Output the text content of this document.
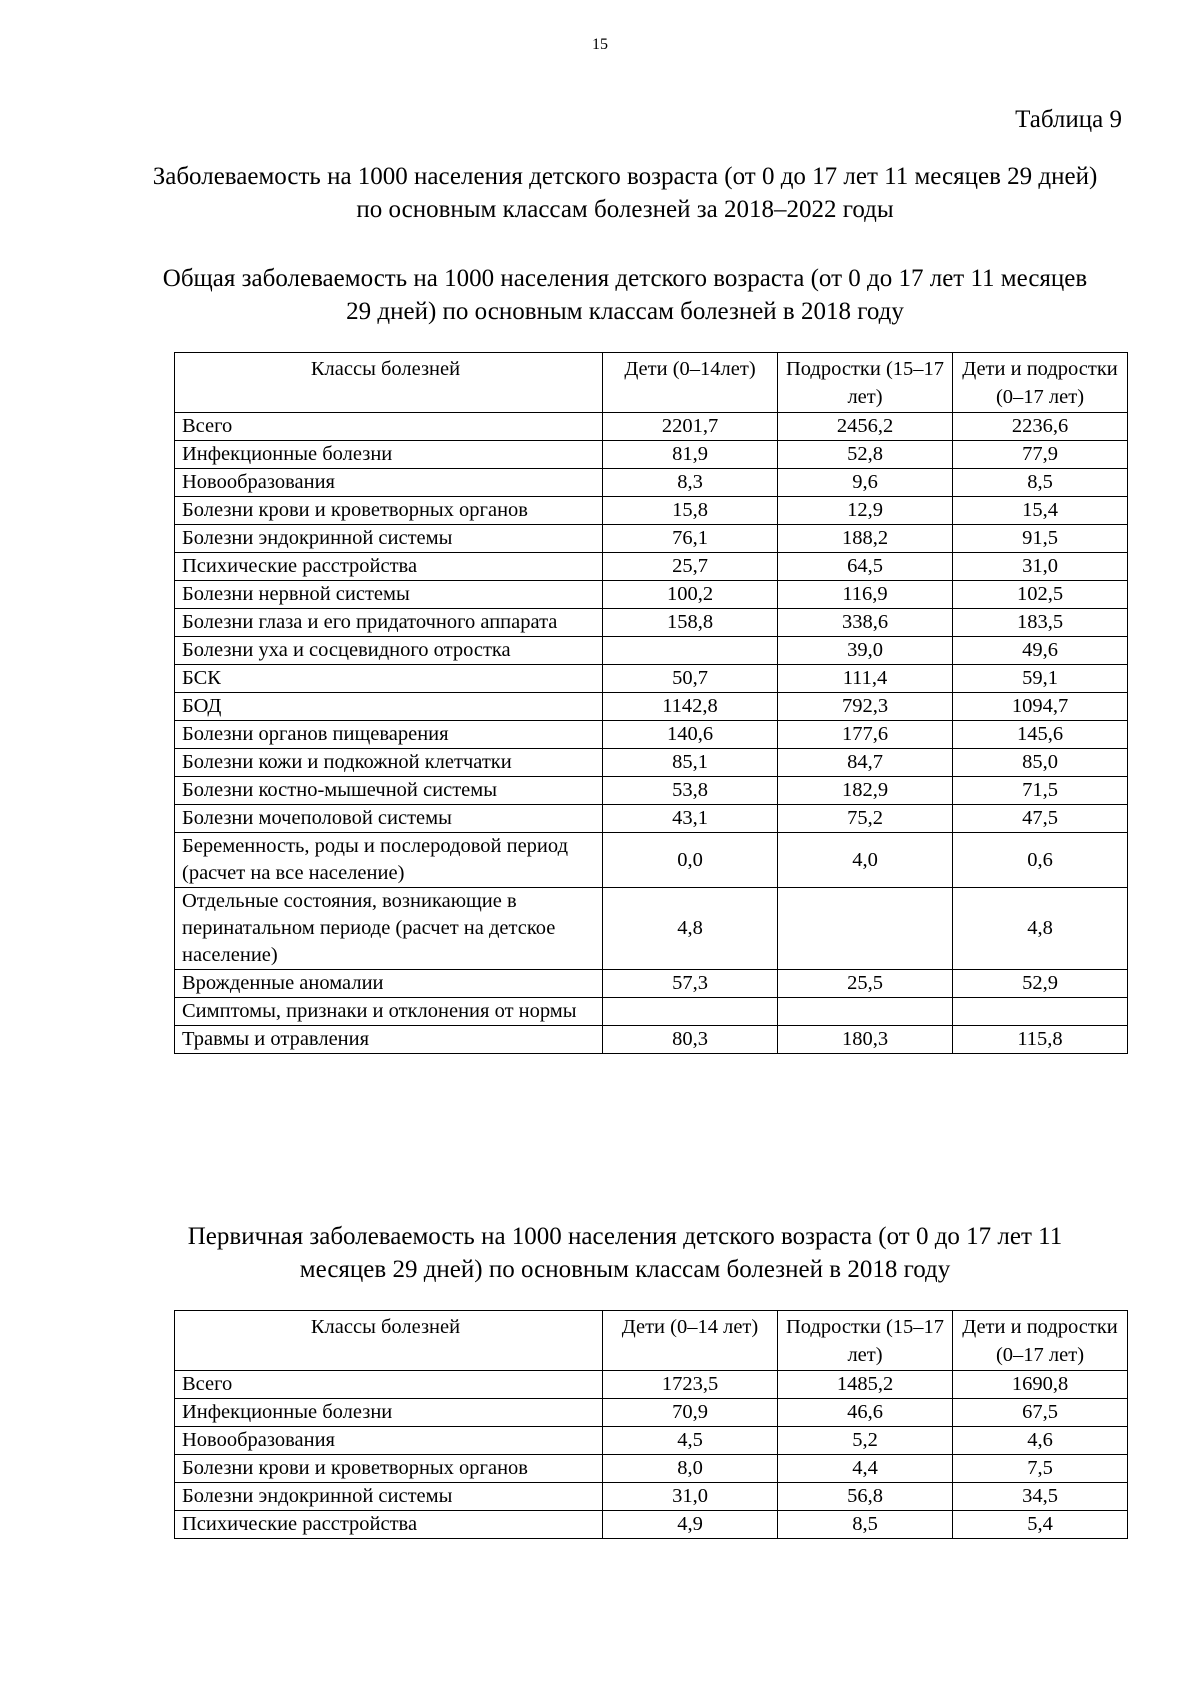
15
Таблица 9
Заболеваемость на 1000 населения детского возраста (от 0 до 17 лет 11 месяцев 29 дней) по основным классам болезней за 2018–2022 годы
Общая заболеваемость на 1000 населения детского возраста (от 0 до 17 лет 11 месяцев 29 дней) по основным классам болезней в 2018 году
Классы болезней	Дети (0–14лет)	Подростки (15–17 лет)	Дети и подростки (0–17 лет)
Всего	2201,7	2456,2	2236,6
Инфекционные болезни	81,9	52,8	77,9
Новообразования	8,3	9,6	8,5
Болезни крови и кроветворных органов	15,8	12,9	15,4
Болезни эндокринной системы	76,1	188,2	91,5
Психические расстройства	25,7	64,5	31,0
Болезни нервной системы	100,2	116,9	102,5
Болезни глаза и его придаточного аппарата	158,8	338,6	183,5
Болезни уха и сосцевидного отростка		39,0	49,6
БСК	50,7	111,4	59,1
БОД	1142,8	792,3	1094,7
Болезни органов пищеварения	140,6	177,6	145,6
Болезни кожи и подкожной клетчатки	85,1	84,7	85,0
Болезни костно-мышечной системы	53,8	182,9	71,5
Болезни мочеполовой системы	43,1	75,2	47,5
Беременность, роды и послеродовой период (расчет на все население)	0,0	4,0	0,6
Отдельные состояния, возникающие в перинатальном периоде (расчет на детское население)	4,8		4,8
Врожденные аномалии	57,3	25,5	52,9
Симптомы, признаки и отклонения от нормы			
Травмы и отравления	80,3	180,3	115,8
Первичная заболеваемость на 1000 населения детского возраста (от 0 до 17 лет 11 месяцев 29 дней) по основным классам болезней в 2018 году
Классы болезней	Дети (0–14 лет)	Подростки (15–17 лет)	Дети и подростки (0–17 лет)
Всего	1723,5	1485,2	1690,8
Инфекционные болезни	70,9	46,6	67,5
Новообразования	4,5	5,2	4,6
Болезни крови и кроветворных органов	8,0	4,4	7,5
Болезни эндокринной системы	31,0	56,8	34,5
Психические расстройства	4,9	8,5	5,4
